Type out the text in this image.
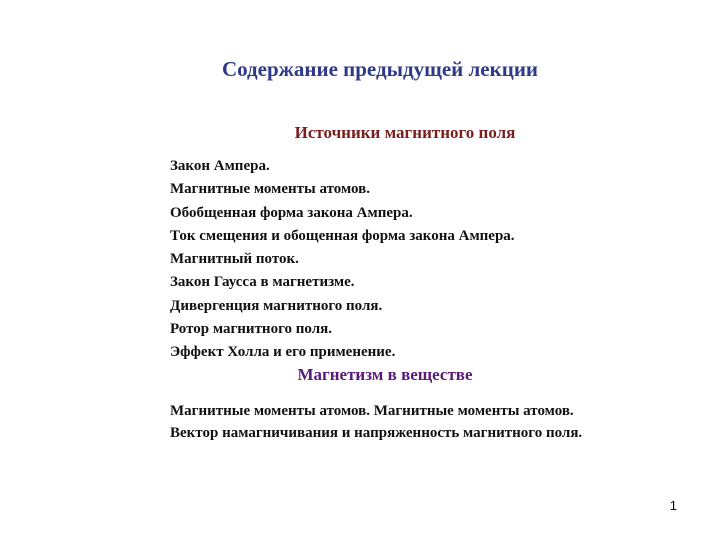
Содержание предыдущей лекции
Источники магнитного поля
Закон Ампера.
Магнитные моменты атомов.
Обобщенная форма закона Ампера.
Ток смещения и обощенная форма закона Ампера.
Магнитный поток.
Закон Гаусса в магнетизме.
Дивергенция магнитного поля.
Ротор магнитного поля.
Эффект Холла и его применение.
Магнетизм в веществе
Магнитные моменты атомов. Магнитные моменты атомов.
Вектор намагничивания и напряженность магнитного поля.
1
